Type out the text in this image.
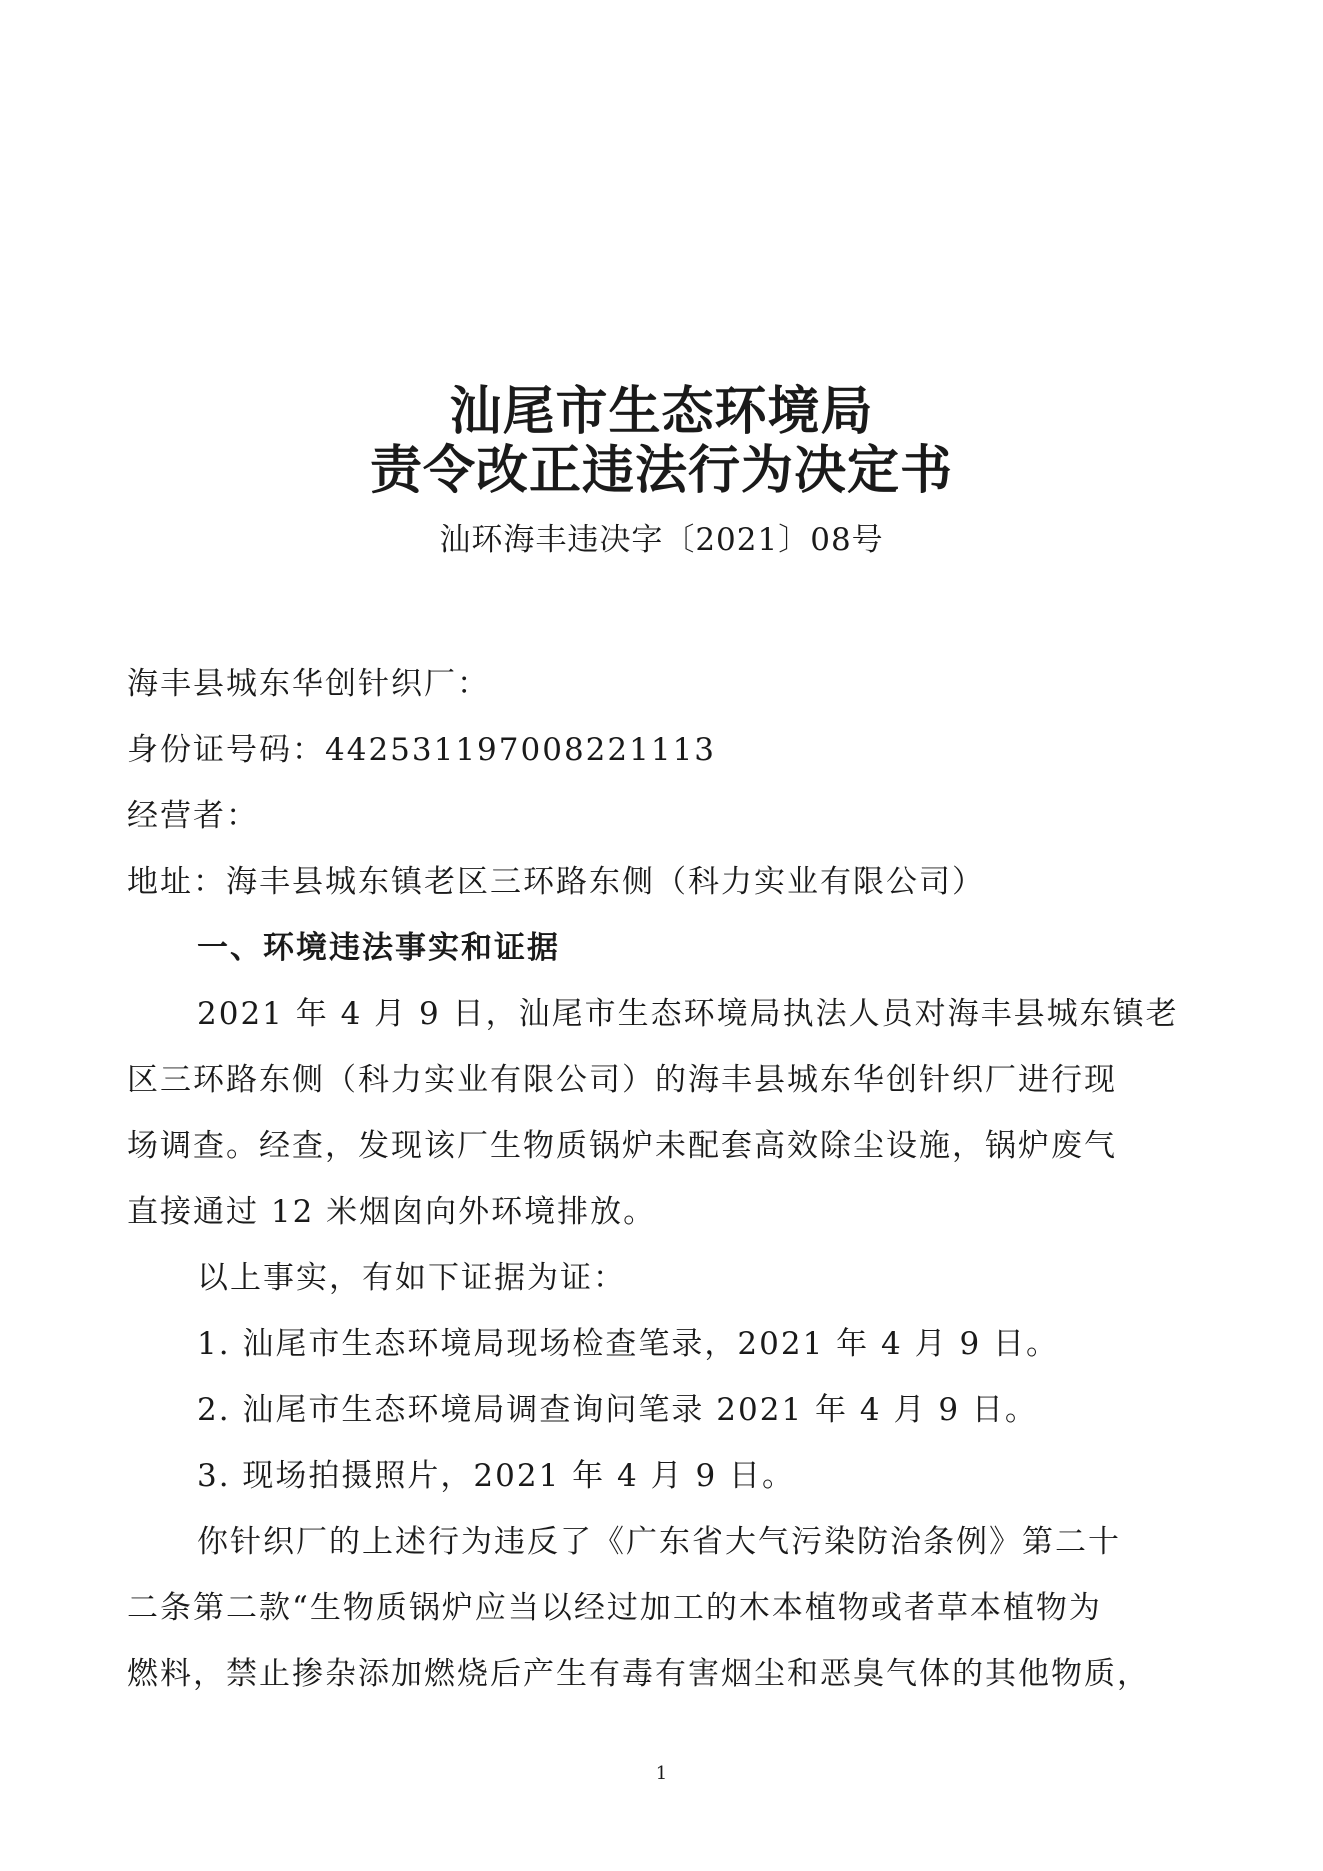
汕尾市生态环境局
责令改正违法行为决定书
汕环海丰违决字〔2021〕08号
海丰县城东华创针织厂：
身份证号码：442531197008221113
经营者：
地址：海丰县城东镇老区三环路东侧（科力实业有限公司）
一、环境违法事实和证据
2021 年 4 月 9 日，汕尾市生态环境局执法人员对海丰县城东镇老
区三环路东侧（科力实业有限公司）的海丰县城东华创针织厂进行现
场调查。经查，发现该厂生物质锅炉未配套高效除尘设施，锅炉废气
直接通过 12 米烟囱向外环境排放。
以上事实，有如下证据为证：
1. 汕尾市生态环境局现场检查笔录，2021 年 4 月 9 日。
2. 汕尾市生态环境局调查询问笔录 2021 年 4 月 9 日。
3. 现场拍摄照片，2021 年 4 月 9 日。
你针织厂的上述行为违反了《广东省大气污染防治条例》第二十
二条第二款“生物质锅炉应当以经过加工的木本植物或者草本植物为
燃料，禁止掺杂添加燃烧后产生有毒有害烟尘和恶臭气体的其他物质，
1
